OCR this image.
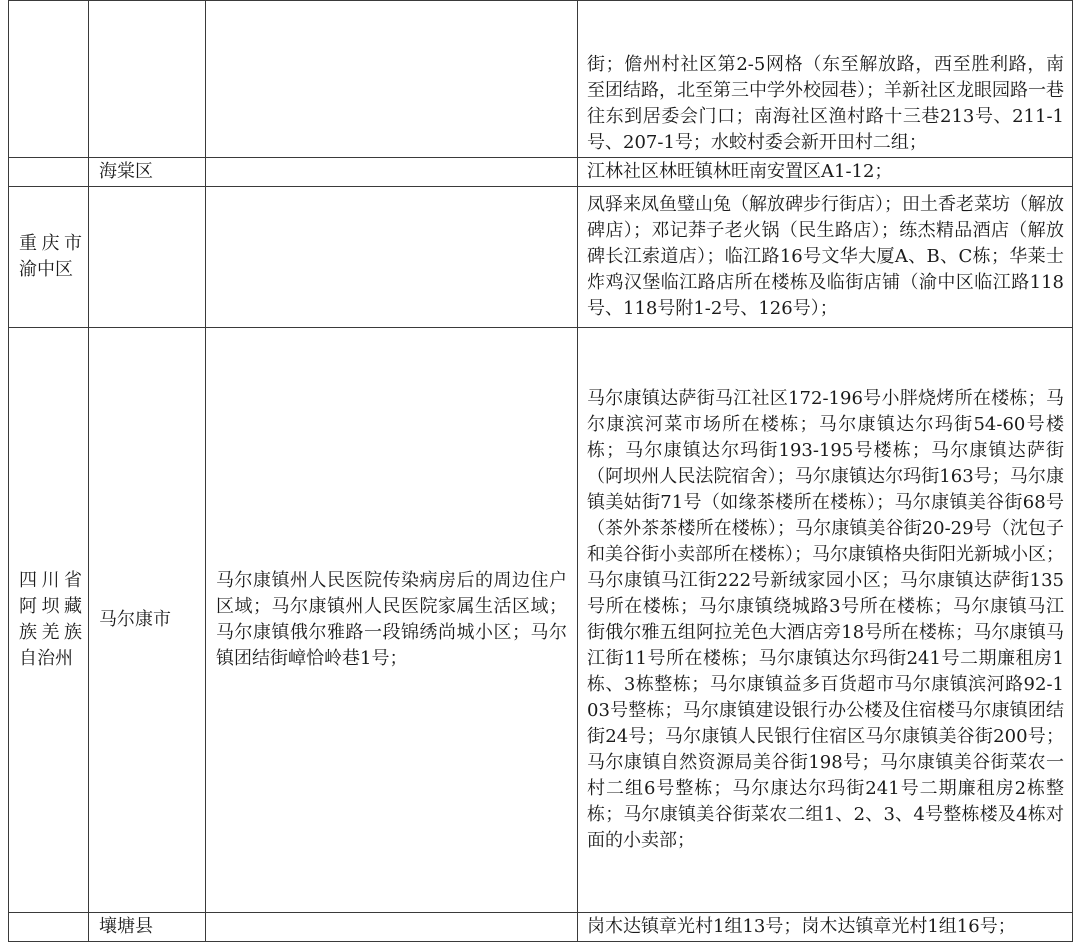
			街；儋州村社区第2-5网格（东至解放路，西至胜利路，南至团结路，北至第三中学外校园巷）；羊新社区龙眼园路一巷往东到居委会门口；南海社区渔村路十三巷213号、211-1号、207-1号；水蛟村委会新开田村二组；

	海棠区		江林社区林旺镇林旺南安置区A1-12；

重庆市渝中区			凤驿来凤鱼璧山兔（解放碑步行街店）；田土香老菜坊（解放碑店）；邓记莽子老火锅（民生路店）；练杰精品酒店（解放碑长江索道店）；临江路16号文华大厦A、B、C栋；华莱士炸鸡汉堡临江路店所在楼栋及临街店铺（渝中区临江路118号、118号附1-2号、126号）；

四川省阿坝藏族羌族自治州	马尔康市	马尔康镇州人民医院传染病房后的周边住户区域；马尔康镇州人民医院家属生活区域；马尔康镇俄尔雅路一段锦绣尚城小区；马尔镇团结街嶂恰岭巷1号；	马尔康镇达萨街马江社区172-196号小胖烧烤所在楼栋；马尔康滨河菜市场所在楼栋；马尔康镇达尔玛街54-60号楼栋；马尔康镇达尔玛街193-195号楼栋；马尔康镇达萨街（阿坝州人民法院宿舍）；马尔康镇达尔玛街163号；马尔康镇美姑街71号（如缘茶楼所在楼栋）；马尔康镇美谷街68号（茶外茶茶楼所在楼栋）；马尔康镇美谷街20-29号（沈包子和美谷街小卖部所在楼栋）；马尔康镇格央街阳光新城小区；马尔康镇马江街222号新绒家园小区；马尔康镇达萨街135号所在楼栋；马尔康镇绕城路3号所在楼栋；马尔康镇马江街俄尔雅五组阿拉羌色大酒店旁18号所在楼栋；马尔康镇马江街11号所在楼栋；马尔康镇达尔玛街241号二期廉租房1栋、3栋整栋；马尔康镇益多百货超市马尔康镇滨河路92-103号整栋；马尔康镇建设银行办公楼及住宿楼马尔康镇团结街24号；马尔康镇人民银行住宿区马尔康镇美谷街200号；马尔康镇自然资源局美谷街198号；马尔康镇美谷街菜农一村二组6号整栋；马尔康达尔玛街241号二期廉租房2栋整栋；马尔康镇美谷街菜农二组1、2、3、4号整栋楼及4栋对面的小卖部；

	壤塘县		岗木达镇章光村1组13号；岗木达镇章光村1组16号；
